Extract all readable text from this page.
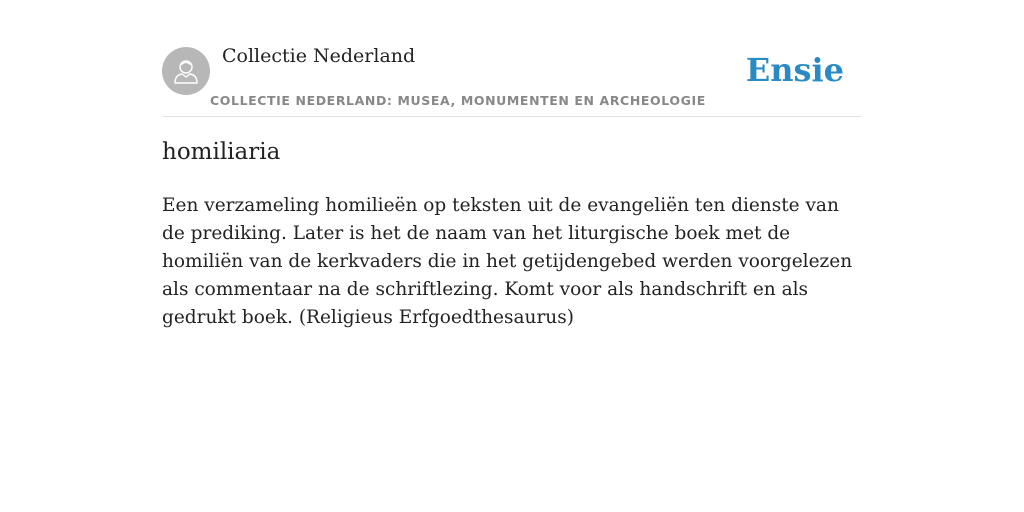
Collectie Nederland
COLLECTIE NEDERLAND: MUSEA, MONUMENTEN EN ARCHEOLOGIE
Ensie
homiliaria

Een verzameling homilieën op teksten uit de evangeliën ten dienste van de prediking. Later is het de naam van het liturgische boek met de homiliën van de kerkvaders die in het getijdengebed werden voorgelezen als commentaar na de schriftlezing. Komt voor als handschrift en als gedrukt boek. (Religieus Erfgoedthesaurus)
